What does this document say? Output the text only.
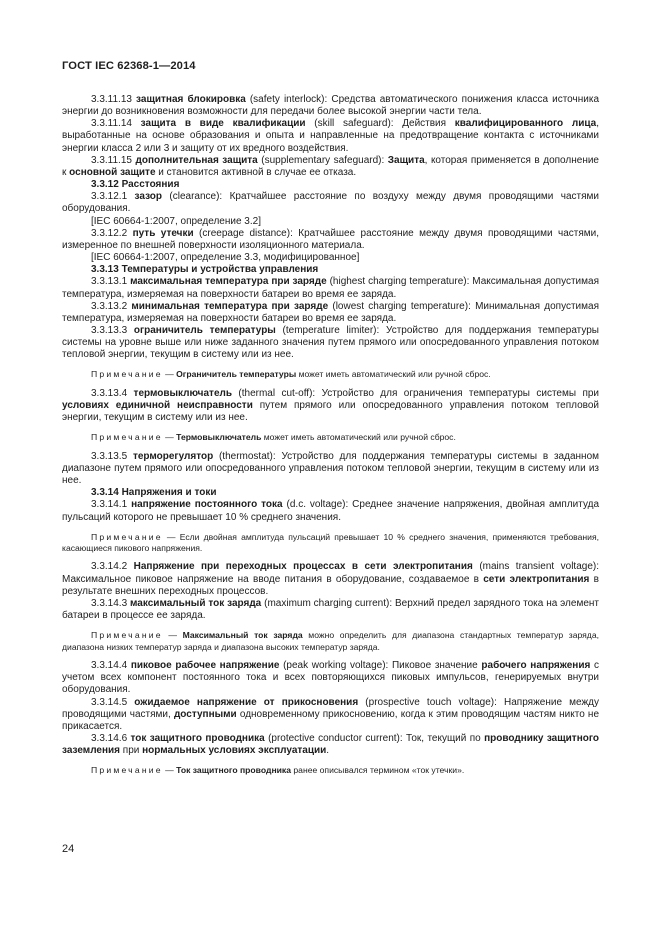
ГОСТ IEC 62368-1—2014

3.3.11.13 защитная блокировка (safety interlock): Средства автоматического понижения класса источника энергии до возникновения возможности для передачи более высокой энергии части тела.

3.3.11.14 защита в виде квалификации (skill safeguard): Действия квалифицированного лица, выработанные на основе образования и опыта и направленные на предотвращение контакта с источниками энергии класса 2 или 3 и защиту от их вредного воздействия.

3.3.11.15 дополнительная защита (supplementary safeguard): Защита, которая применяется в дополнение к основной защите и становится активной в случае ее отказа.

3.3.12 Расстояния

3.3.12.1 зазор (clearance): Кратчайшее расстояние по воздуху между двумя проводящими частями оборудования.

[IEC 60664-1:2007, определение 3.2]

3.3.12.2 путь утечки (creepage distance): Кратчайшее расстояние между двумя проводящими частями, измеренное по внешней поверхности изоляционного материала.

[IEC 60664-1:2007, определение 3.3, модифицированное]

3.3.13 Температуры и устройства управления

3.3.13.1 максимальная температура при заряде (highest charging temperature): Максимальная допустимая температура, измеряемая на поверхности батареи во время ее заряда.

3.3.13.2 минимальная температура при заряде (lowest charging temperature): Минимальная допустимая температура, измеряемая на поверхности батареи во время ее заряда.

3.3.13.3 ограничитель температуры (temperature limiter): Устройство для поддержания температуры системы на уровне выше или ниже заданного значения путем прямого или опосредованного управления потоком тепловой энергии, текущим в систему или из нее.

Примечание — Ограничитель температуры может иметь автоматический или ручной сброс.

3.3.13.4 термовыключатель (thermal cut-off): Устройство для ограничения температуры системы при условиях единичной неисправности путем прямого или опосредованного управления потоком тепловой энергии, текущим в систему или из нее.

Примечание — Термовыключатель может иметь автоматический или ручной сброс.

3.3.13.5 терморегулятор (thermostat): Устройство для поддержания температуры системы в заданном диапазоне путем прямого или опосредованного управления потоком тепловой энергии, текущим в систему или из нее.

3.3.14 Напряжения и токи

3.3.14.1 напряжение постоянного тока (d.c. voltage): Среднее значение напряжения, двойная амплитуда пульсаций которого не превышает 10 % среднего значения.

Примечание — Если двойная амплитуда пульсаций превышает 10 % среднего значения, применяются требования, касающиеся пикового напряжения.

3.3.14.2 Напряжение при переходных процессах в сети электропитания (mains transient voltage): Максимальное пиковое напряжение на вводе питания в оборудование, создаваемое в сети электропитания в результате внешних переходных процессов.

3.3.14.3 максимальный ток заряда (maximum charging current): Верхний предел зарядного тока на элемент батареи в процессе ее заряда.

Примечание — Максимальный ток заряда можно определить для диапазона стандартных температур заряда, диапазона низких температур заряда и диапазона высоких температур заряда.

3.3.14.4 пиковое рабочее напряжение (peak working voltage): Пиковое значение рабочего напряжения с учетом всех компонент постоянного тока и всех повторяющихся пиковых импульсов, генерируемых внутри оборудования.

3.3.14.5 ожидаемое напряжение от прикосновения (prospective touch voltage): Напряжение между проводящими частями, доступными одновременному прикосновению, когда к этим проводящим частям никто не прикасается.

3.3.14.6 ток защитного проводника (protective conductor current): Ток, текущий по проводнику защитного заземления при нормальных условиях эксплуатации.

Примечание — Ток защитного проводника ранее описывался термином «ток утечки».

24
